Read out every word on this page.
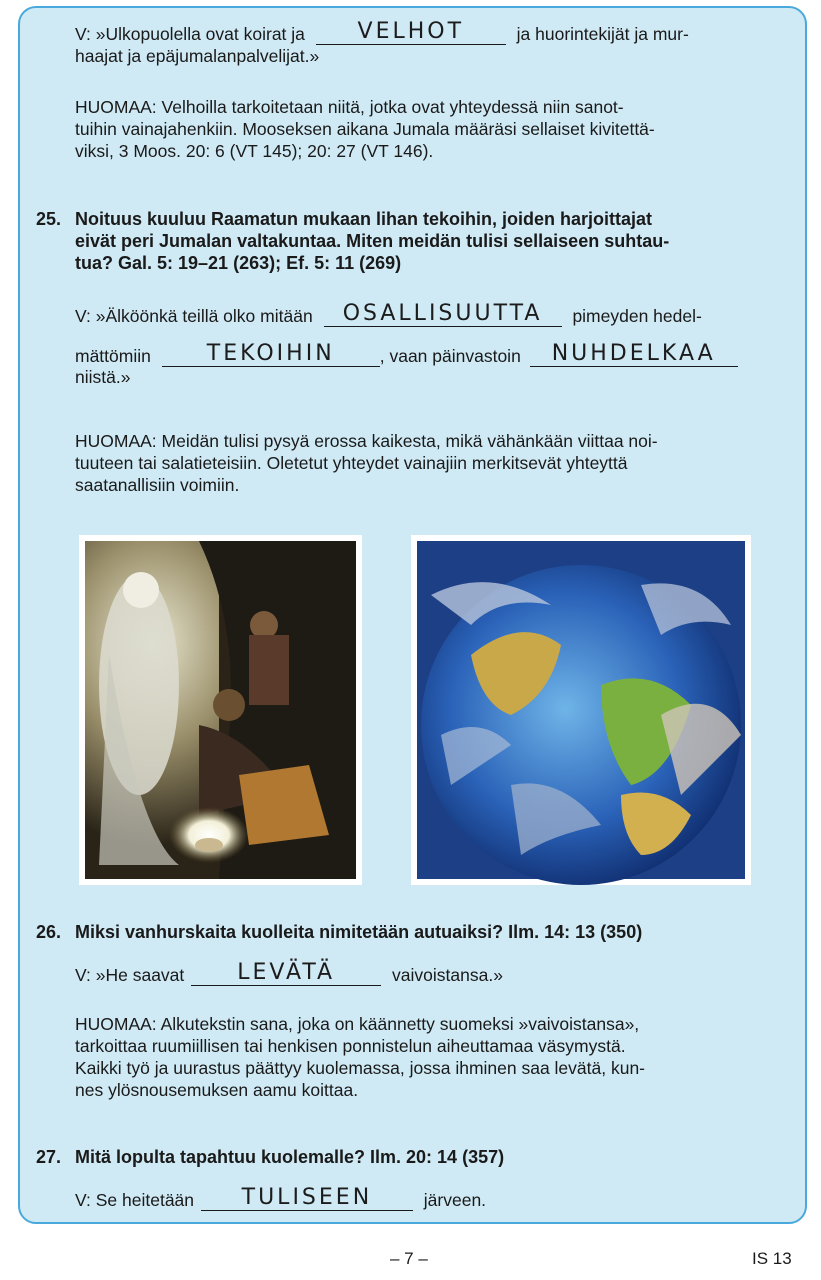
V: »Ulkopuolella ovat koirat ja	VELHOT	ja huorintekijät ja mur-
haajat ja epäjumalanpalvelijat.»

HUOMAA: Velhoilla tarkoitetaan niitä, jotka ovat yhteydessä niin sanot-

tuihin vainajahenkiin. Mooseksen aikana Jumala määräsi sellaiset kivitettä-

viksi, 3 Moos. 20: 6 (VT 145); 20: 27 (VT 146).

25. Noituus kuuluu Raamatun mukaan lihan tekoihin, joiden harjoittajat

eivät peri Jumalan valtakuntaa. Miten meidän tulisi sellaiseen suhtau-

tua? Gal. 5: 19–21 (263); Ef. 5: 11 (269)

V: »Älköönkä teillä olko mitään	OSALLISUUTTA	pimeyden hedel-
mättömiin	TEKOIHIN	, vaan päinvastoin	NUHDELKAA
niistä.»

HUOMAA: Meidän tulisi pysyä erossa kaikesta, mikä vähänkään viittaa noi-

tuuteen tai salatieteisiin. Oletetut yhteydet vainajiin merkitsevät yhteyttä

saatanallisiin voimiin.

26. Miksi vanhurskaita kuolleita nimitetään autuaiksi? Ilm. 14: 13 (350)

V: »He saavat	LEVÄTÄ	vaivoistansa.»

HUOMAA: Alkutekstin sana, joka on käännetty suomeksi »vaivoistansa»,

tarkoittaa ruumiillisen tai henkisen ponnistelun aiheuttamaa väsymystä.

Kaikki työ ja uurastus päättyy kuolemassa, jossa ihminen saa levätä, kun-

nes ylösnousemuksen aamu koittaa.

27. Mitä lopulta tapahtuu kuolemalle? Ilm. 20: 14 (357)

V: Se heitetään	TULISEEN	järveen.
– 7 –	IS 13
